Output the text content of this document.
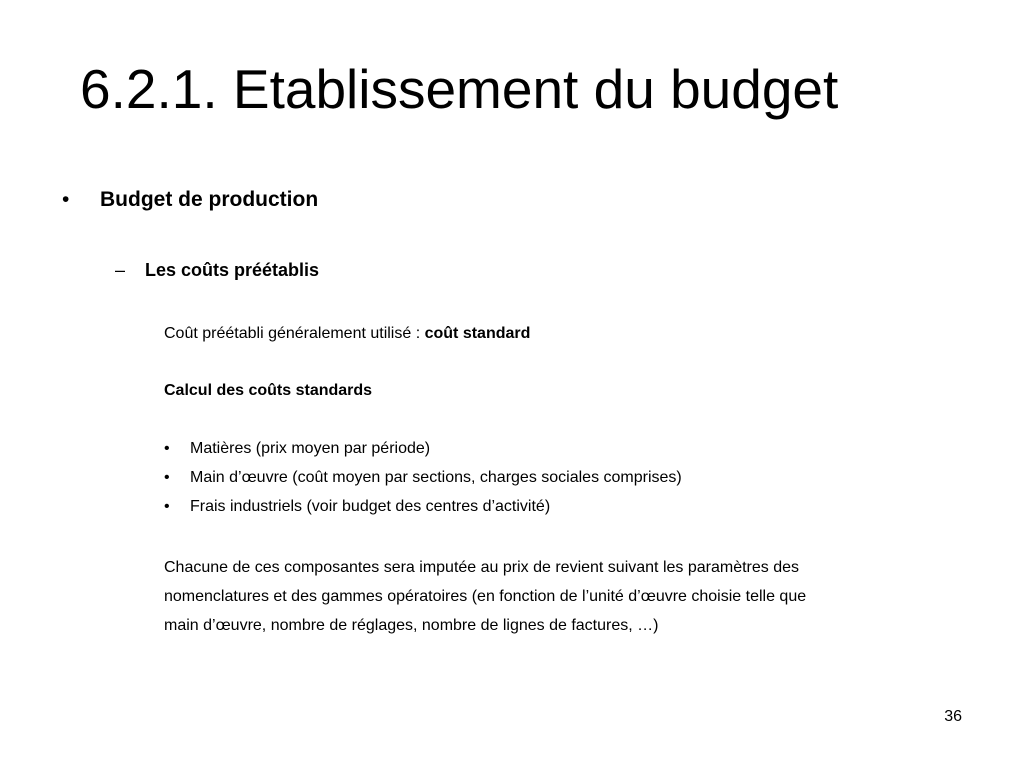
6.2.1. Etablissement du budget
• Budget de production
– Les coûts préétablis
Coût préétabli généralement utilisé : coût standard
Calcul des coûts standards
• Matières (prix moyen par période)
• Main d’œuvre (coût moyen par sections, charges sociales comprises)
• Frais industriels (voir budget des centres d’activité)
Chacune de ces composantes sera imputée au prix de revient suivant les paramètres des
nomenclatures et des gammes opératoires (en fonction de l’unité d’œuvre choisie telle que
main d’œuvre, nombre de réglages, nombre de lignes de factures, …)
36
